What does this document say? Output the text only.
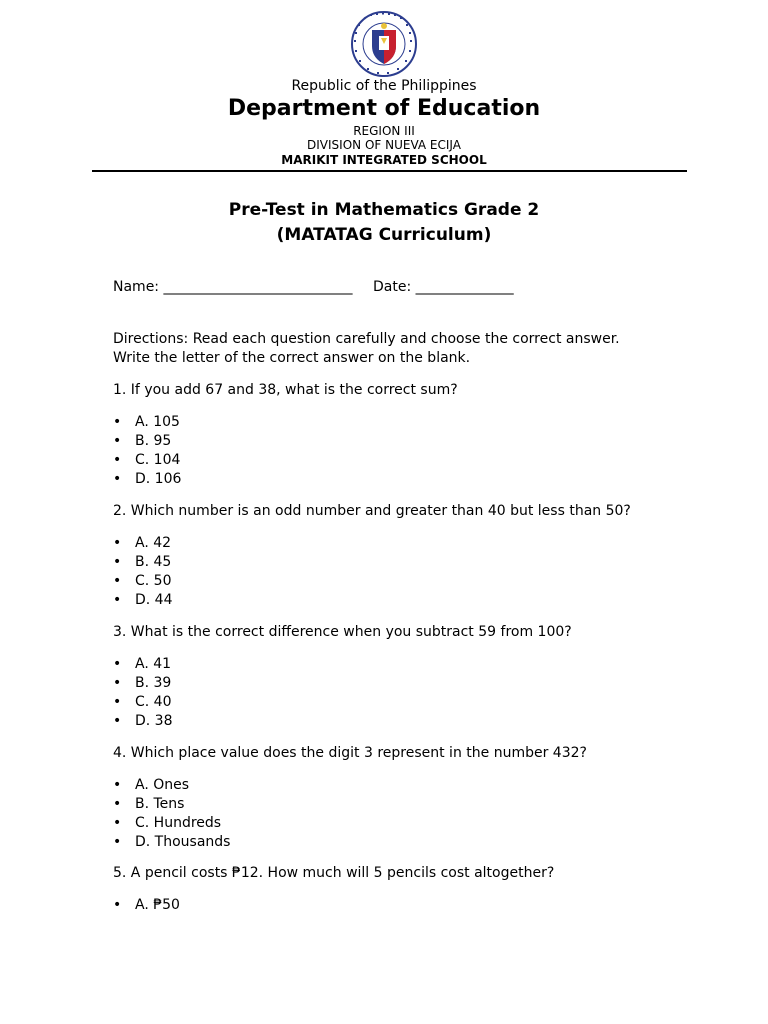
Republic of the Philippines
Department of Education
REGION III
DIVISION OF NUEVA ECIJA
MARIKIT INTEGRATED SCHOOL
Pre-Test in Mathematics Grade 2
(MATATAG Curriculum)
Name: ___________________________ Date: ______________
Directions: Read each question carefully and choose the correct answer.
Write the letter of the correct answer on the blank.
1. If you add 67 and 38, what is the correct sum?
• A. 105
• B. 95
• C. 104
• D. 106
2. Which number is an odd number and greater than 40 but less than 50?
• A. 42
• B. 45
• C. 50
• D. 44
3. What is the correct difference when you subtract 59 from 100?
• A. 41
• B. 39
• C. 40
• D. 38
4. Which place value does the digit 3 represent in the number 432?
• A. Ones
• B. Tens
• C. Hundreds
• D. Thousands
5. A pencil costs ₱12. How much will 5 pencils cost altogether?
• A. ₱50
